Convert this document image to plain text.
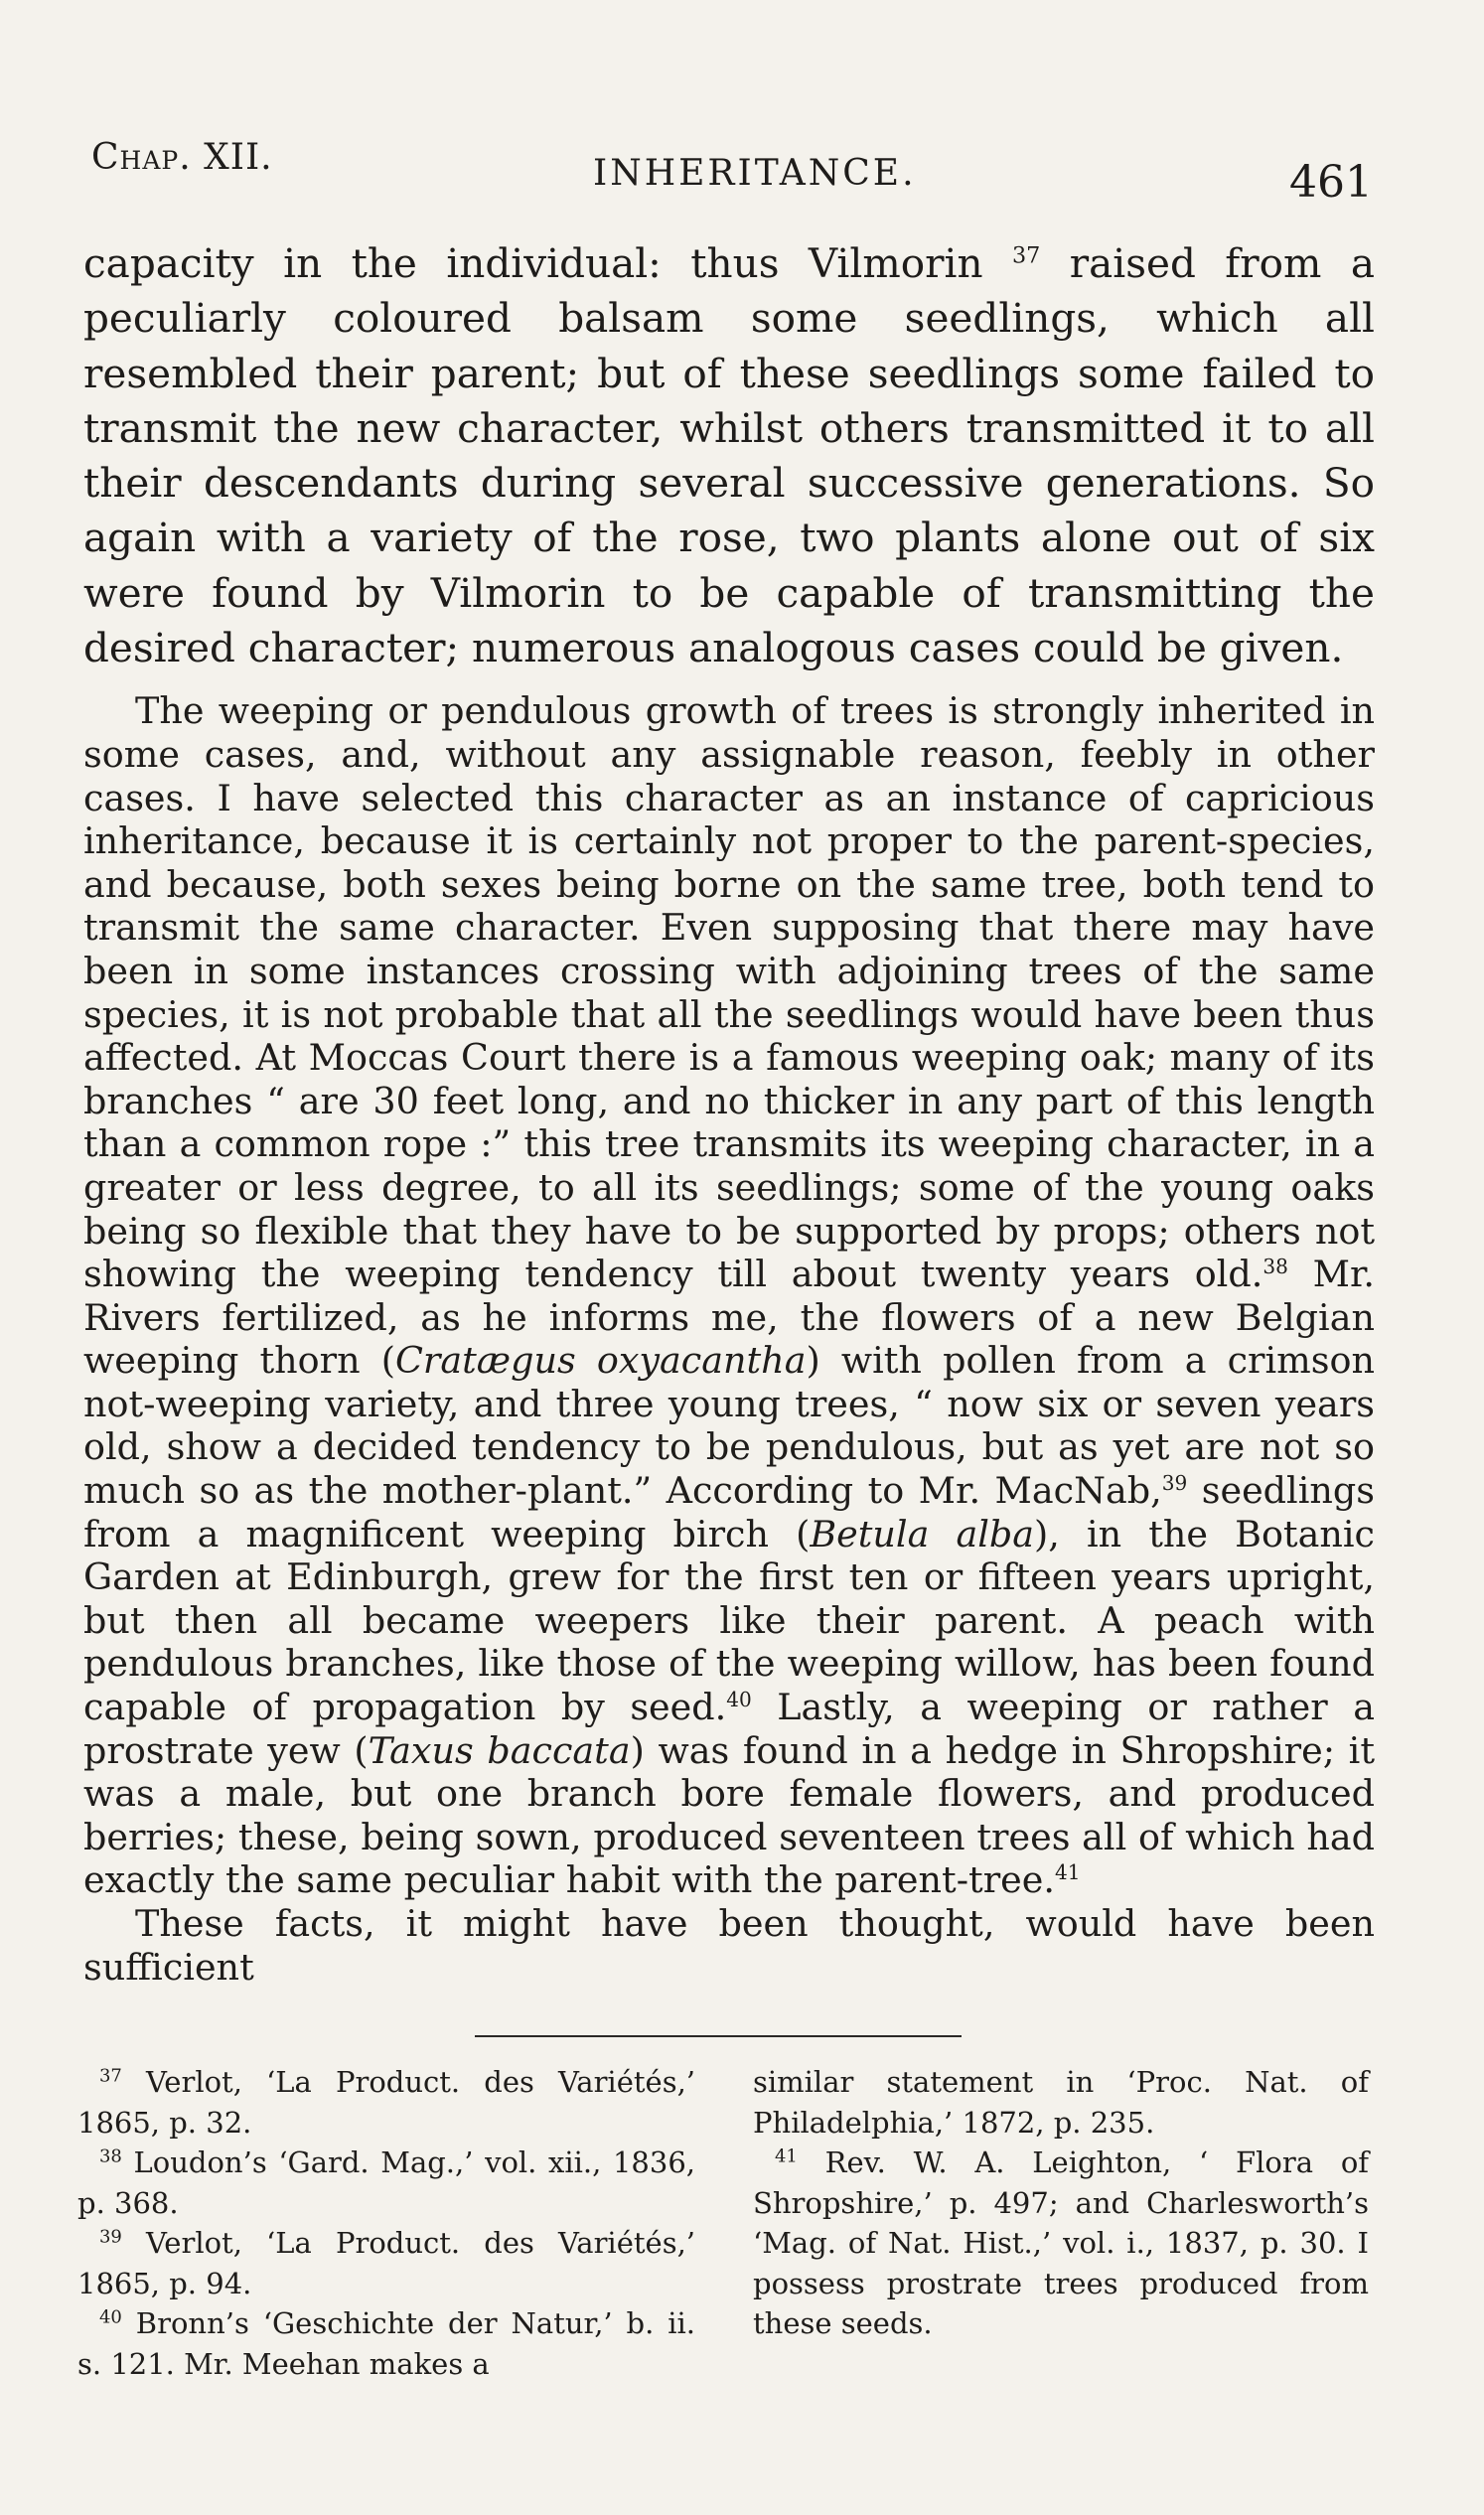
Chap. XII.	INHERITANCE.	461

capacity in the individual: thus Vilmorin $^{37}$ raised from a peculiarly coloured balsam some seedlings, which all resembled their parent; but of these seedlings some failed to transmit the new character, whilst others transmitted it to all their descendants during several successive generations. So again with a variety of the rose, two plants alone out of six were found by Vilmorin to be capable of transmitting the desired character; numerous analogous cases could be given.

The weeping or pendulous growth of trees is strongly inherited in some cases, and, without any assignable reason, feebly in other cases. I have selected this character as an instance of capricious inheritance, because it is certainly not proper to the parent-species, and because, both sexes being borne on the same tree, both tend to transmit the same character. Even supposing that there may have been in some instances crossing with adjoining trees of the same species, it is not probable that all the seedlings would have been thus affected. At Moccas Court there is a famous weeping oak; many of its branches “ are 30 feet long, and no thicker in any part of this length than a common rope :” this tree transmits its weeping character, in a greater or less degree, to all its seedlings; some of the young oaks being so flexible that they have to be supported by props; others not showing the weeping tendency till about twenty years old.$^{38}$ Mr. Rivers fertilized, as he informs me, the flowers of a new Belgian weeping thorn (Cratægus oxyacantha) with pollen from a crimson not-weeping variety, and three young trees, “ now six or seven years old, show a decided tendency to be pendulous, but as yet are not so much so as the mother-plant.” According to Mr. MacNab,$^{39}$ seedlings from a magnificent weeping birch (Betula alba), in the Botanic Garden at Edinburgh, grew for the first ten or fifteen years upright, but then all became weepers like their parent. A peach with pendulous branches, like those of the weeping willow, has been found capable of propagation by seed.$^{40}$ Lastly, a weeping or rather a prostrate yew (Taxus baccata) was found in a hedge in Shropshire; it was a male, but one branch bore female flowers, and produced berries; these, being sown, produced seventeen trees all of which had exactly the same peculiar habit with the parent-tree.$^{41}$

These facts, it might have been thought, would have been sufficient

$^{37}$ Verlot, ‘La Product. des Variétés,’ 1865, p. 32.

$^{38}$ Loudon’s ‘Gard. Mag.,’ vol. xii., 1836, p. 368.

$^{39}$ Verlot, ‘La Product. des Variétés,’ 1865, p. 94.

$^{40}$ Bronn’s ‘Geschichte der Natur,’ b. ii. s. 121. Mr. Meehan makes a

similar statement in ‘Proc. Nat. of Philadelphia,’ 1872, p. 235.

$^{41}$ Rev. W. A. Leighton, ‘ Flora of Shropshire,’ p. 497; and Charlesworth’s ‘Mag. of Nat. Hist.,’ vol. i., 1837, p. 30. I possess prostrate trees produced from these seeds.
